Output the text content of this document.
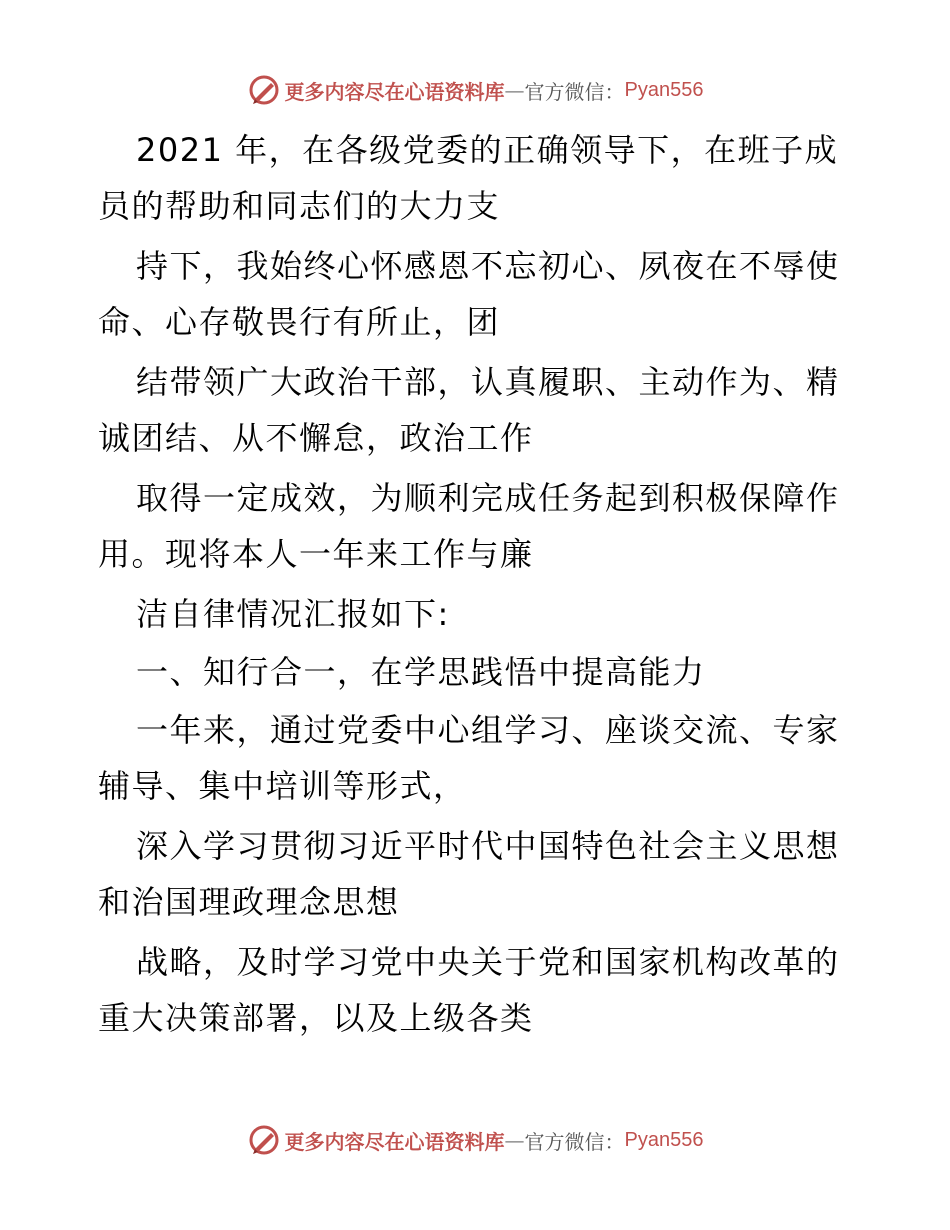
更多内容尽在心语资料库 — 官方微信： Pyan556
2021 年，在各级党委的正确领导下，在班子成
员的帮助和同志们的大力支
持下，我始终心怀感恩不忘初心、夙夜在不辱使
命、心存敬畏行有所止，团
结带领广大政治干部，认真履职、主动作为、精
诚团结、从不懈怠，政治工作
取得一定成效，为顺利完成任务起到积极保障作
用。现将本人一年来工作与廉
洁自律情况汇报如下:
一、知行合一，在学思践悟中提高能力
一年来，通过党委中心组学习、座谈交流、专家
辅导、集中培训等形式，
深入学习贯彻习近平时代中国特色社会主义思想
和治国理政理念思想
战略，及时学习党中央关于党和国家机构改革的
重大决策部署，以及上级各类
更多内容尽在心语资料库 — 官方微信： Pyan556
